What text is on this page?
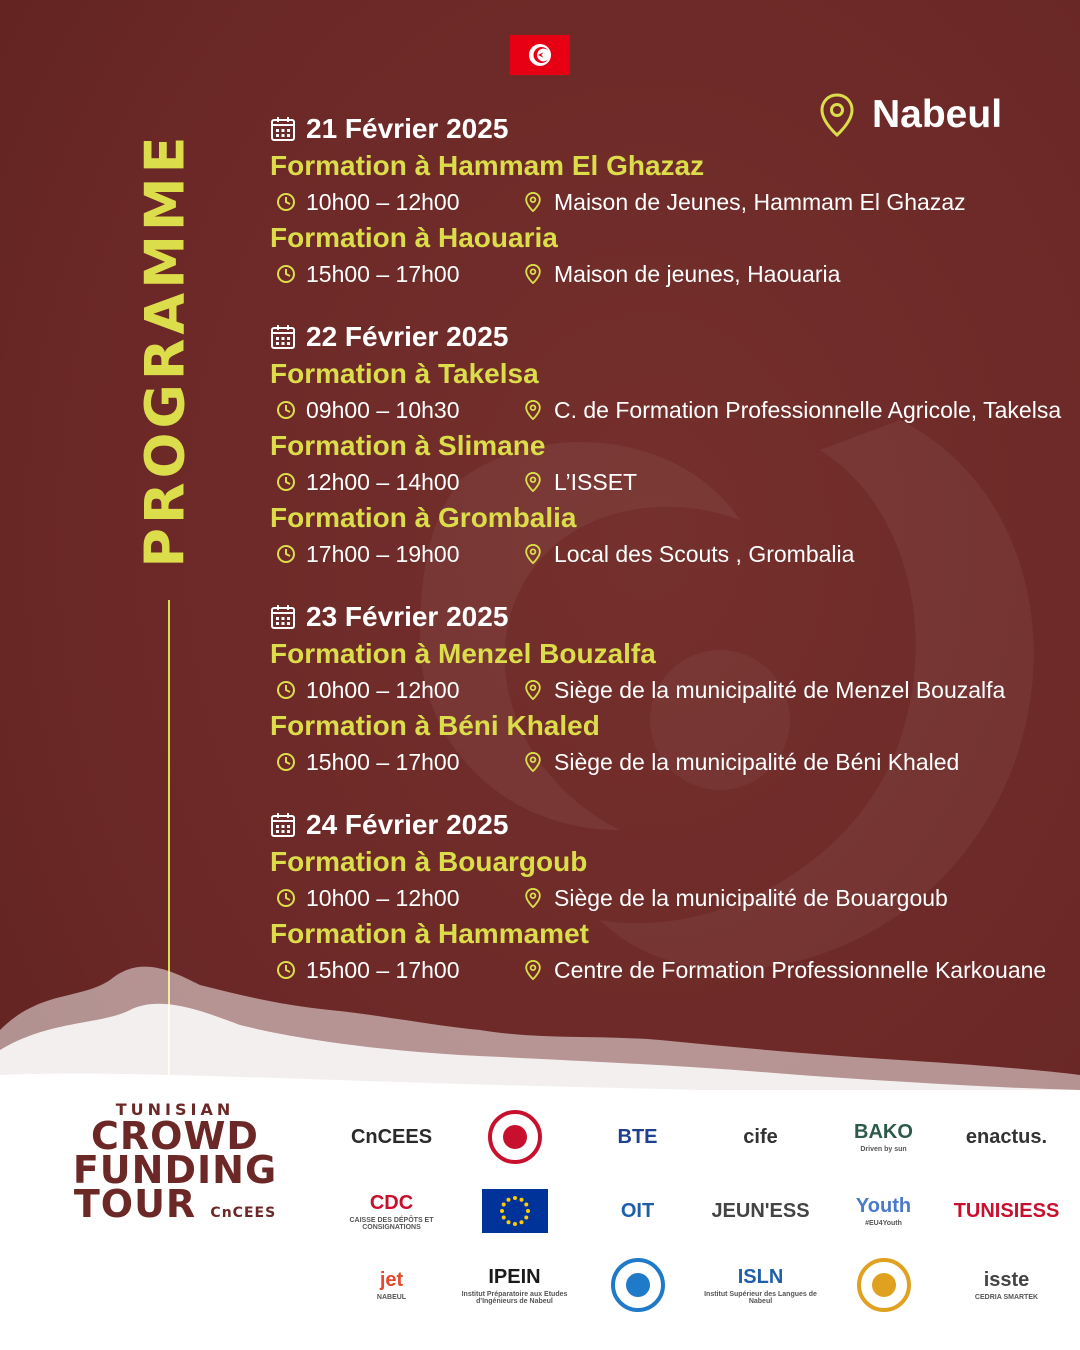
PROGRAMME
Nabeul
21 Février 2025
Formation à Hammam El Ghazaz
10h00 – 12h00	Maison de Jeunes, Hammam El Ghazaz
Formation à Haouaria
15h00 – 17h00	Maison de jeunes, Haouaria
22 Février 2025
Formation à Takelsa
09h00 – 10h30	C. de Formation Professionnelle Agricole, Takelsa
Formation à Slimane
12h00 – 14h00	L’ISSET
Formation à Grombalia
17h00 – 19h00	Local des Scouts , Grombalia
23 Février 2025
Formation à Menzel Bouzalfa
10h00 – 12h00	Siège de la municipalité de Menzel Bouzalfa
Formation à Béni Khaled
15h00 – 17h00	Siège de la municipalité de Béni Khaled
24 Février 2025
Formation à Bouargoub
10h00 – 12h00	Siège de la municipalité de Bouargoub
Formation à Hammamet
15h00 – 17h00	Centre de Formation Professionnelle Karkouane
TUNISIAN
CROWD
FUNDING
TOUR CnCEES
CnCEES	BTE	cife	BAKO
Driven by sun
enactus.
CDC
CAISSE DES DÉPÔTS ET CONSIGNATIONS
OIT	JEUN'ESS Youth
#EU4Youth
TUNISIESS
jet
NABEUL
IPEIN
Institut Préparatoire aux Etudes d'Ingénieurs de Nabeul
ISLN
Institut Supérieur des Langues de Nabeul
isste
CEDRIA SMARTEK
